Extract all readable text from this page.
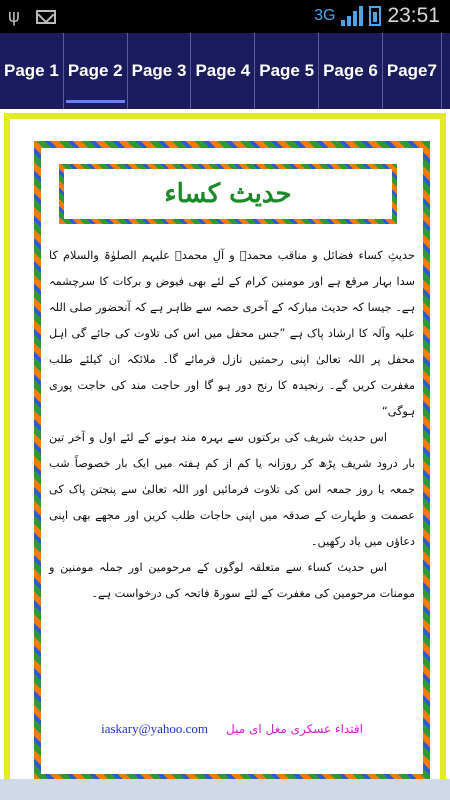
ψ	3G 23:51
Page 1 Page 2 Page 3 Page 4 Page 5 Page 6 Page7
حدیث کساء

حدیثِ کساء فضائل و مناقب محمدؐ و آلِ محمدؑ علیہم الصلوٰۃ والسلام کا سدا بہار مرقع ہے اور مومنین کرام کے لئے بھی فیوض و برکات کا سرچشمہ ہے۔ جیسا کہ حدیث مبارکہ کے آخری حصہ سے ظاہر ہے کہ آنحضور صلی اللہ علیہ وآلہ کا ارشاد پاک ہے ”جس محفل میں اس کی تلاوت کی جائے گی اہل محفل پر اللہ تعالیٰ اپنی رحمتیں نازل فرمائے گا۔ ملائکہ ان کیلئے طلب مغفرت کریں گے۔ رنجیدہ کا رنج دور ہو گا اور حاجت مند کی حاجت پوری ہوگی“

اس حدیث شریف کی برکتوں سے بہرہ مند ہونے کے لئے اول و آخر تین بار درود شریف پڑھ کر روزانہ یا کم از کم ہفتہ میں ایک بار خصوصاً شب جمعہ یا روز جمعہ اس کی تلاوت فرمائیں اور اللہ تعالیٰ سے پنجتن پاک کی عصمت و طہارت کے صدقہ میں اپنی حاجات طلب کریں اور مجھے بھی اپنی دعاؤں میں یاد رکھیں۔

اس حدیث کساء سے متعلقہ لوگوں کے مرحومین اور جملہ مومنین و مومنات مرحومین کی مغفرت کے لئے سورۃ فاتحہ کی درخواست ہے۔

iaskary@yahoo.com اقتداء عسکری مغل ای میل
